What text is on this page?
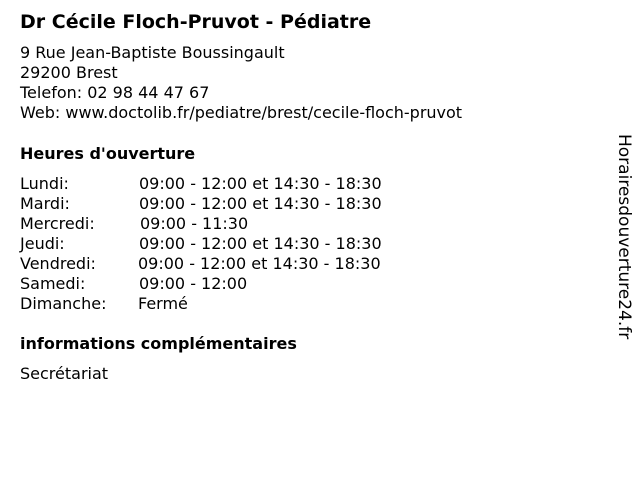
Dr Cécile Floch-Pruvot - Pédiatre
9 Rue Jean-Baptiste Boussingault
29200 Brest
Telefon: 02 98 44 47 67
Web: www.doctolib.fr/pediatre/brest/cecile-floch-pruvot
Heures d'ouverture
Lundi:	09:00 - 12:00 et 14:30 - 18:30
Mardi:	09:00 - 12:00 et 14:30 - 18:30
Mercredi:	09:00 - 11:30
Jeudi:	09:00 - 12:00 et 14:30 - 18:30
Vendredi:	09:00 - 12:00 et 14:30 - 18:30
Samedi:	09:00 - 12:00
Dimanche: Fermé
informations complémentaires
Secrétariat
Horairesdouverture24.fr
